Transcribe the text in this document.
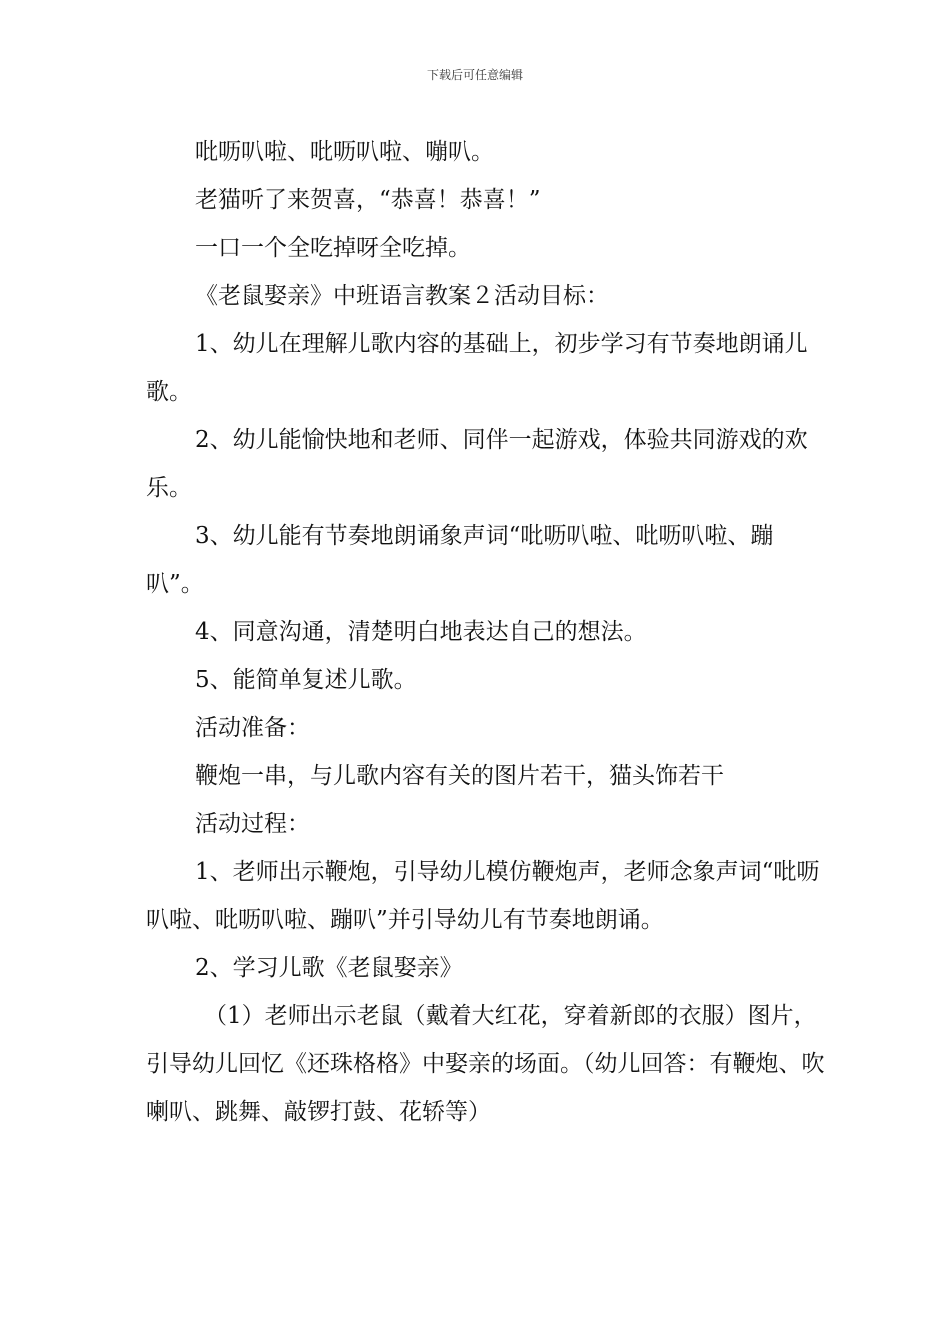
下载后可任意编辑

吡呖叭啦、吡呖叭啦、嘣叭。

老猫听了来贺喜，“恭喜！恭喜！”

一口一个全吃掉呀全吃掉。

《老鼠娶亲》中班语言教案２活动目标：

1、幼儿在理解儿歌内容的基础上，初步学习有节奏地朗诵儿歌。

2、幼儿能愉快地和老师、同伴一起游戏，体验共同游戏的欢乐。

3、幼儿能有节奏地朗诵象声词“吡呖叭啦、吡呖叭啦、蹦叭”。

4、同意沟通，清楚明白地表达自己的想法。

5、能简单复述儿歌。

活动准备：

鞭炮一串，与儿歌内容有关的图片若干，猫头饰若干

活动过程：

1、老师出示鞭炮，引导幼儿模仿鞭炮声，老师念象声词“吡呖叭啦、吡呖叭啦、蹦叭”并引导幼儿有节奏地朗诵。

2、学习儿歌《老鼠娶亲》

（1）老师出示老鼠（戴着大红花，穿着新郎的衣服）图片，引导幼儿回忆《还珠格格》中娶亲的场面。（幼儿回答：有鞭炮、吹喇叭、跳舞、敲锣打鼓、花轿等）
